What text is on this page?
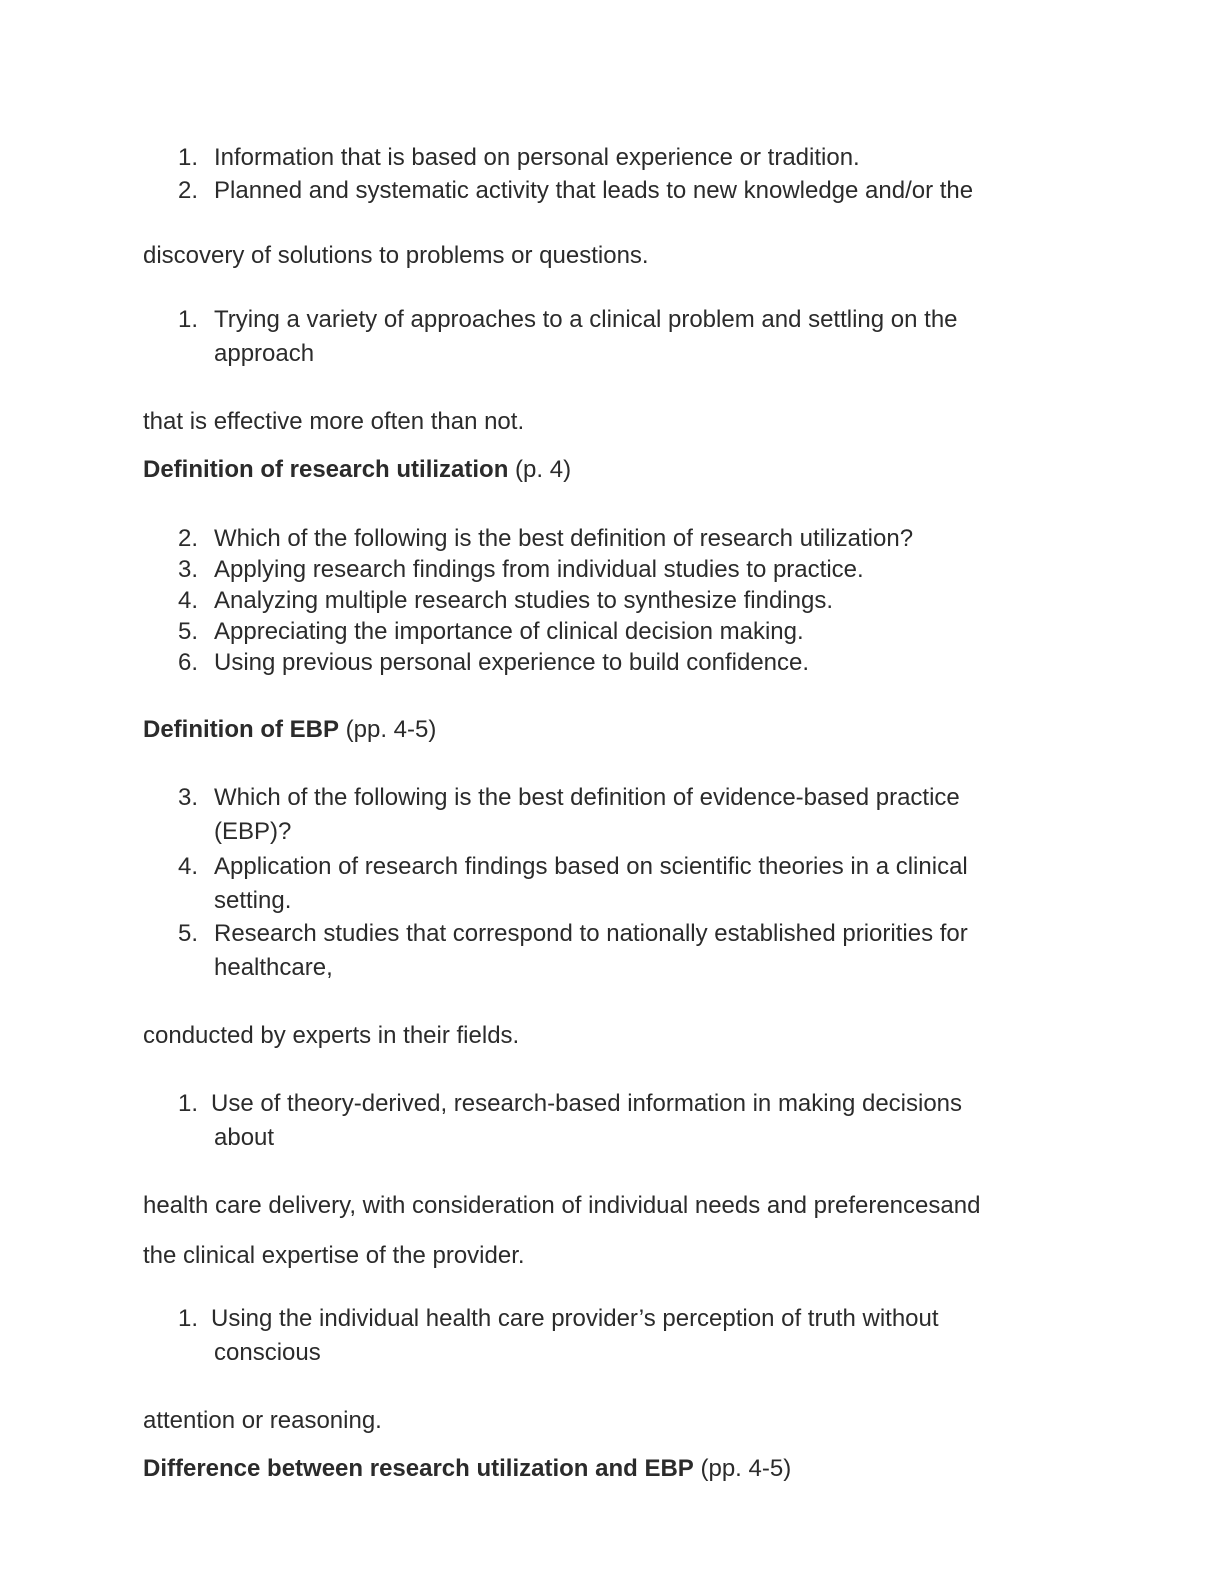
1. Information that is based on personal experience or tradition.
2. Planned and systematic activity that leads to new knowledge and/or the
discovery of solutions to problems or questions.
1. Trying a variety of approaches to a clinical problem and settling on the
approach
that is effective more often than not.
Definition of research utilization (p. 4)
2. Which of the following is the best definition of research utilization?
3. Applying research findings from individual studies to practice.
4. Analyzing multiple research studies to synthesize findings.
5. Appreciating the importance of clinical decision making.
6. Using previous personal experience to build confidence.
Definition of EBP (pp. 4-5)
3. Which of the following is the best definition of evidence-based practice
(EBP)?
4. Application of research findings based on scientific theories in a clinical
setting.
5. Research studies that correspond to nationally established priorities for
healthcare,
conducted by experts in their fields.
1. Use of theory-derived, research-based information in making decisions
about
health care delivery, with consideration of individual needs and preferencesand
the clinical expertise of the provider.
1. Using the individual health care provider’s perception of truth without
conscious
attention or reasoning.
Difference between research utilization and EBP (pp. 4-5)
